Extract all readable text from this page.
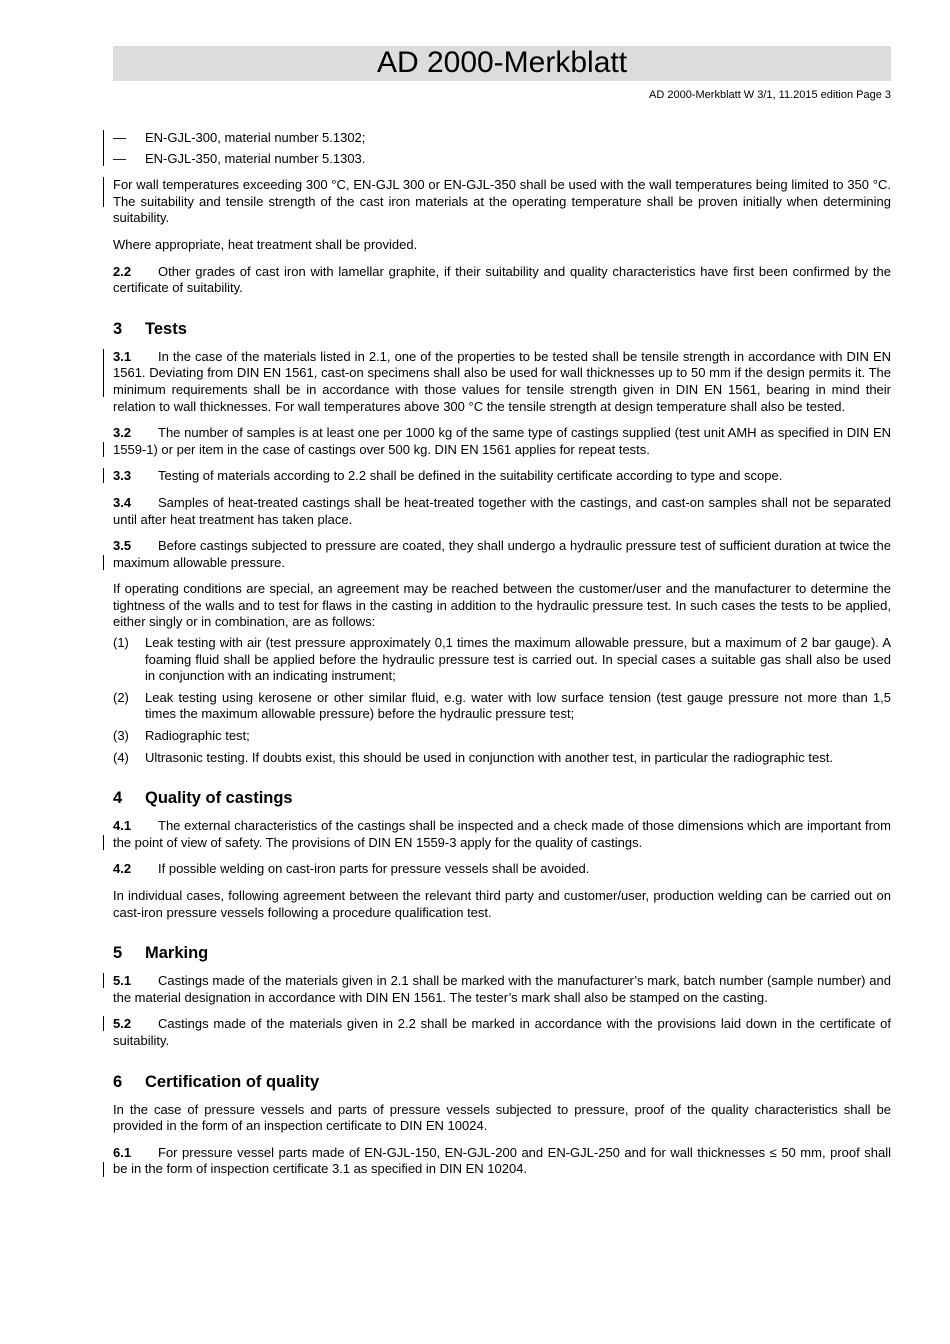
AD 2000-Merkblatt
AD 2000-Merkblatt W 3/1, 11.2015 edition Page 3
— EN-GJL-300, material number 5.1302;
— EN-GJL-350, material number 5.1303.

For wall temperatures exceeding 300 °C, EN-GJL 300 or EN-GJL-350 shall be used with the wall temperatures being limited to 350 °C. The suitability and tensile strength of the cast iron materials at the operating temperature shall be proven initially when determining suitability.

Where appropriate, heat treatment shall be provided.

2.2 Other grades of cast iron with lamellar graphite, if their suitability and quality characteristics have first been confirmed by the certificate of suitability.

3 Tests

3.1 In the case of the materials listed in 2.1, one of the properties to be tested shall be tensile strength in accordance with DIN EN 1561. Deviating from DIN EN 1561, cast-on specimens shall also be used for wall thicknesses up to 50 mm if the design permits it. The minimum requirements shall be in accordance with those values for tensile strength given in DIN EN 1561, bearing in mind their relation to wall thicknesses. For wall temperatures above 300 °C the tensile strength at design temperature shall also be tested.

3.2 The number of samples is at least one per 1000 kg of the same type of castings supplied (test unit AMH as specified in DIN EN 1559-1) or per item in the case of castings over 500 kg. DIN EN 1561 applies for repeat tests.

3.3 Testing of materials according to 2.2 shall be defined in the suitability certificate according to type and scope.

3.4 Samples of heat-treated castings shall be heat-treated together with the castings, and cast-on samples shall not be separated until after heat treatment has taken place.

3.5 Before castings subjected to pressure are coated, they shall undergo a hydraulic pressure test of sufficient duration at twice the maximum allowable pressure.

If operating conditions are special, an agreement may be reached between the customer/user and the manufacturer to determine the tightness of the walls and to test for flaws in the casting in addition to the hydraulic pressure test. In such cases the tests to be applied, either singly or in combination, are as follows:

(1) Leak testing with air (test pressure approximately 0,1 times the maximum allowable pressure, but a maximum of 2 bar gauge). A foaming fluid shall be applied before the hydraulic pressure test is carried out. In special cases a suitable gas shall also be used in conjunction with an indicating instrument;
(2) Leak testing using kerosene or other similar fluid, e.g. water with low surface tension (test gauge pressure not more than 1,5 times the maximum allowable pressure) before the hydraulic pressure test;
(3) Radiographic test;
(4) Ultrasonic testing. If doubts exist, this should be used in conjunction with another test, in particular the radiographic test.
4 Quality of castings

4.1 The external characteristics of the castings shall be inspected and a check made of those dimensions which are important from the point of view of safety. The provisions of DIN EN 1559-3 apply for the quality of castings.

4.2 If possible welding on cast-iron parts for pressure vessels shall be avoided.

In individual cases, following agreement between the relevant third party and customer/user, production welding can be carried out on cast-iron pressure vessels following a procedure qualification test.

5 Marking

5.1 Castings made of the materials given in 2.1 shall be marked with the manufacturer’s mark, batch number (sample number) and the material designation in accordance with DIN EN 1561. The tester’s mark shall also be stamped on the casting.

5.2 Castings made of the materials given in 2.2 shall be marked in accordance with the provisions laid down in the certificate of suitability.

6 Certification of quality

In the case of pressure vessels and parts of pressure vessels subjected to pressure, proof of the quality characteristics shall be provided in the form of an inspection certificate to DIN EN 10024.

6.1 For pressure vessel parts made of EN-GJL-150, EN-GJL-200 and EN-GJL-250 and for wall thicknesses ≤ 50 mm, proof shall be in the form of inspection certificate 3.1 as specified in DIN EN 10204.
